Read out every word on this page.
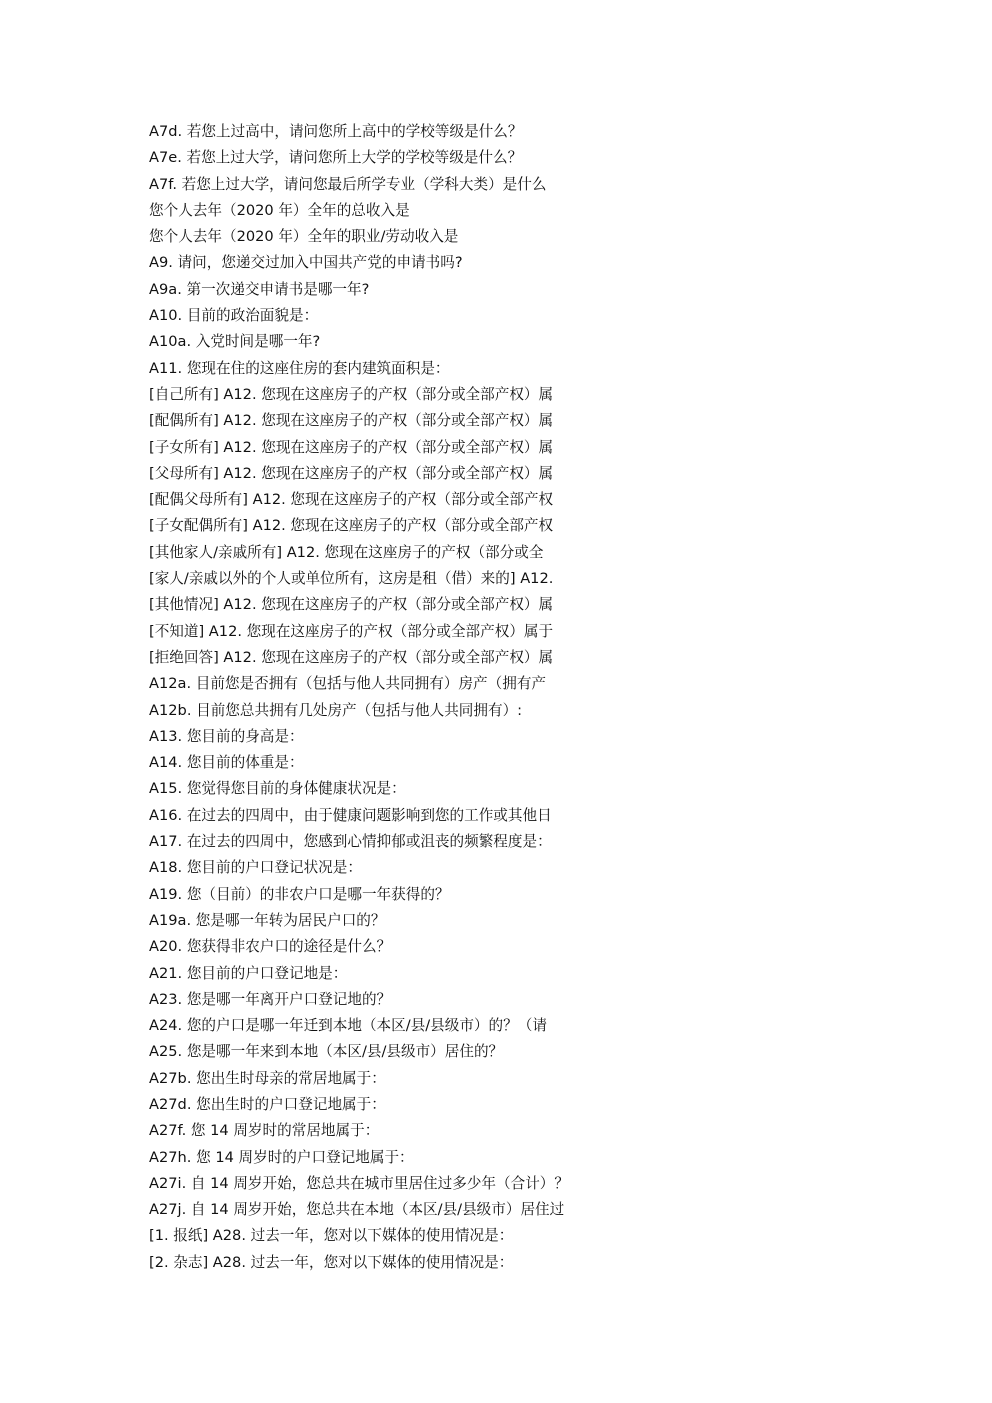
A7d. 若您上过高中，请问您所上高中的学校等级是什么？
A7e. 若您上过大学，请问您所上大学的学校等级是什么？
A7f. 若您上过大学，请问您最后所学专业（学科大类）是什么
您个人去年（2020 年）全年的总收入是
您个人去年（2020 年）全年的职业/劳动收入是
A9. 请问，您递交过加入中国共产党的申请书吗?
A9a. 第一次递交申请书是哪一年?
A10. 目前的政治面貌是：
A10a. 入党时间是哪一年?
A11. 您现在住的这座住房的套内建筑面积是：
[自己所有] A12. 您现在这座房子的产权（部分或全部产权）属
[配偶所有] A12. 您现在这座房子的产权（部分或全部产权）属
[子女所有] A12. 您现在这座房子的产权（部分或全部产权）属
[父母所有] A12. 您现在这座房子的产权（部分或全部产权）属
[配偶父母所有] A12. 您现在这座房子的产权（部分或全部产权
[子女配偶所有] A12. 您现在这座房子的产权（部分或全部产权
[其他家人/亲戚所有] A12. 您现在这座房子的产权（部分或全
[家人/亲戚以外的个人或单位所有，这房是租（借）来的] A12.
[其他情况] A12. 您现在这座房子的产权（部分或全部产权）属
[不知道] A12. 您现在这座房子的产权（部分或全部产权）属于
[拒绝回答] A12. 您现在这座房子的产权（部分或全部产权）属
A12a. 目前您是否拥有（包括与他人共同拥有）房产（拥有产
A12b. 目前您总共拥有几处房产（包括与他人共同拥有）:
A13. 您目前的身高是：
A14. 您目前的体重是：
A15. 您觉得您目前的身体健康状况是：
A16. 在过去的四周中，由于健康问题影响到您的工作或其他日
A17. 在过去的四周中，您感到心情抑郁或沮丧的频繁程度是：
A18. 您目前的户口登记状况是：
A19. 您（目前）的非农户口是哪一年获得的？
A19a. 您是哪一年转为居民户口的？
A20. 您获得非农户口的途径是什么？
A21. 您目前的户口登记地是：
A23. 您是哪一年离开户口登记地的？
A24. 您的户口是哪一年迁到本地（本区/县/县级市）的？（请
A25. 您是哪一年来到本地（本区/县/县级市）居住的？
A27b. 您出生时母亲的常居地属于：
A27d. 您出生时的户口登记地属于：
A27f. 您 14 周岁时的常居地属于：
A27h. 您 14 周岁时的户口登记地属于：
A27i. 自 14 周岁开始，您总共在城市里居住过多少年（合计）？
A27j. 自 14 周岁开始，您总共在本地（本区/县/县级市）居住过
[1. 报纸] A28. 过去一年，您对以下媒体的使用情况是：
[2. 杂志] A28. 过去一年，您对以下媒体的使用情况是：
